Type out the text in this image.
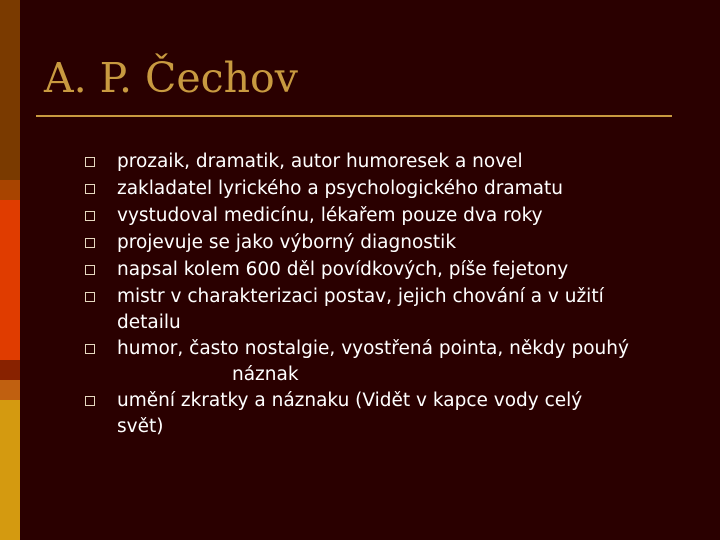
A. P. Čechov
prozaik, dramatik, autor humoresek a novel
zakladatel lyrického a psychologického dramatu
vystudoval medicínu, lékařem pouze dva roky
projevuje se jako výborný diagnostik
napsal kolem 600 děl povídkových, píše fejetony
mistr v charakterizaci postav, jejich chování a v užití
detailu
humor, často nostalgie, vyostřená pointa, někdy pouhý
náznak
umění zkratky a náznaku (Vidět v kapce vody celý
svět)
